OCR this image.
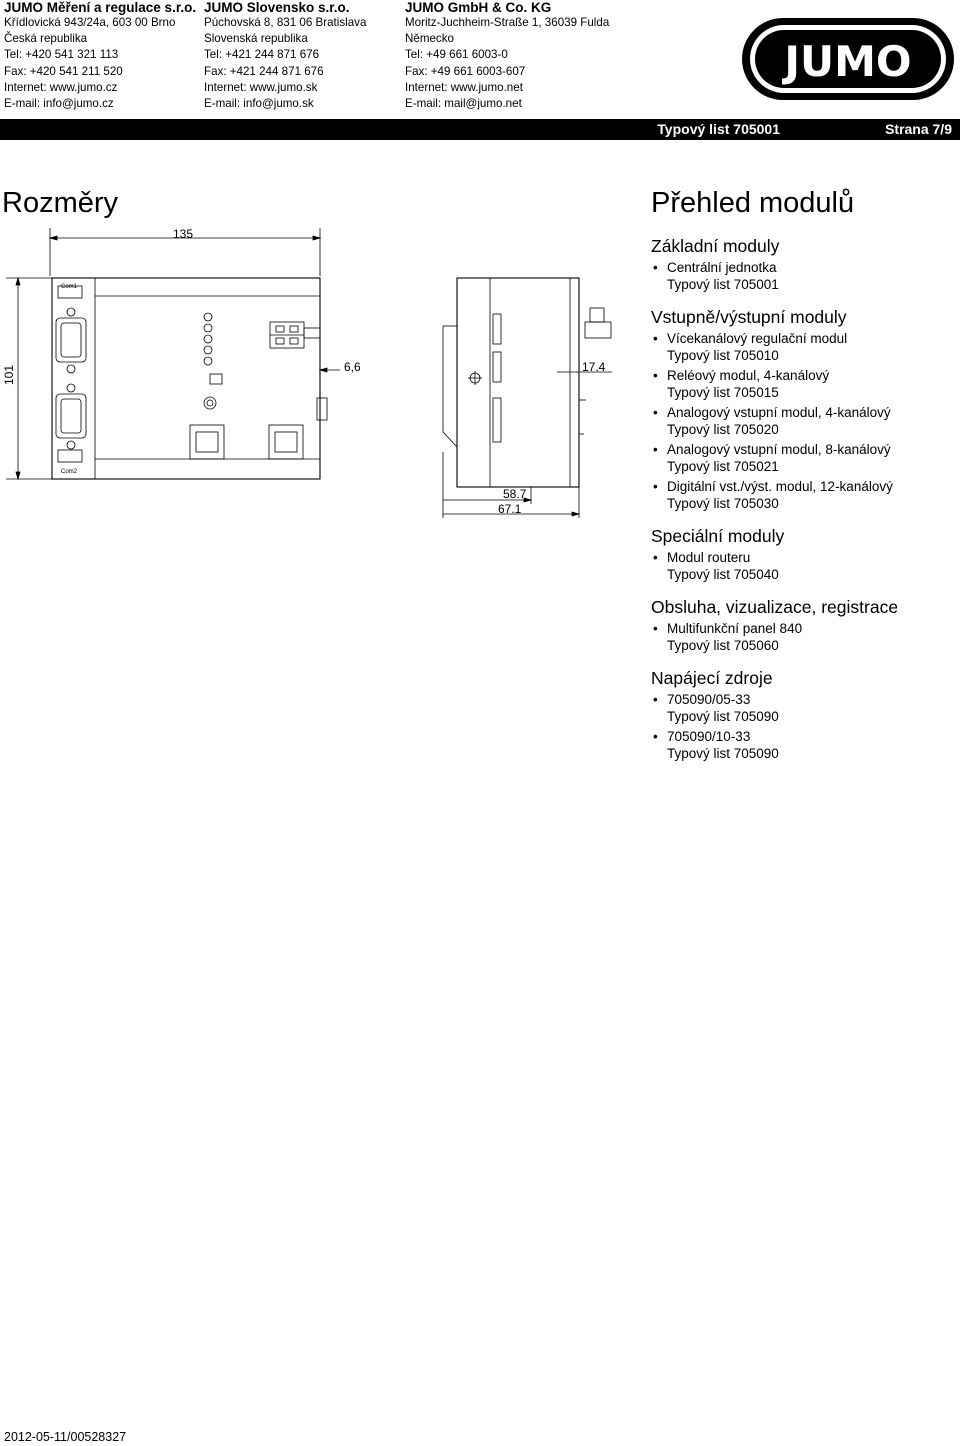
JUMO Měření a regulace s.r.o.
Křídlovická 943/24a, 603 00 Brno
Česká republika
Tel: +420 541 321 113
Fax: +420 541 211 520
Internet: www.jumo.cz
E-mail: info@jumo.cz
JUMO Slovensko s.r.o.
Púchovská 8, 831 06 Bratislava
Slovenská republika
Tel: +421 244 871 676
Fax: +421 244 871 676
Internet: www.jumo.sk
E-mail: info@jumo.sk
JUMO GmbH & Co. KG
Moritz-Juchheim-Straße 1, 36039 Fulda
Německo
Tel: +49 661 6003-0
Fax: +49 661 6003-607
Internet: www.jumo.net
E-mail: mail@jumo.net
JUMO
Typový list 705001	Strana 7/9
Rozměry	Přehled modulů
135
101	6,6	17.4
58.7
67.1
Com1
Com2
Základní moduly
• Centrální jednotka
Typový list 705001
Vstupně/výstupní moduly
• Vícekanálový regulační modul
Typový list 705010
• Reléový modul, 4-kanálový
Typový list 705015
• Analogový vstupní modul, 4-kanálový
Typový list 705020
• Analogový vstupní modul, 8-kanálový
Typový list 705021
• Digitální vst./výst. modul, 12-kanálový
Typový list 705030
Speciální moduly
• Modul routeru
Typový list 705040
Obsluha, vizualizace, registrace
• Multifunkční panel 840
Typový list 705060
Napájecí zdroje
• 705090/05-33
Typový list 705090
• 705090/10-33
Typový list 705090
2012-05-11/00528327
